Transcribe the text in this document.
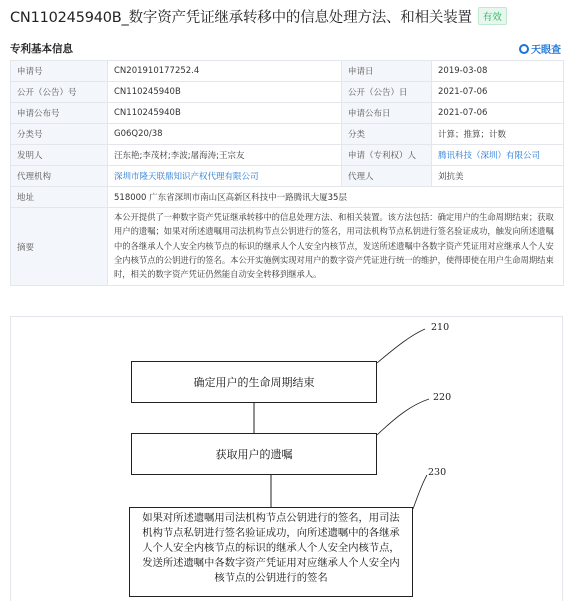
CN110245940B_数字资产凭证继承转移中的信息处理方法、和相关装置 有效
专利基本信息	天眼查
申请号	CN201910177252.4	申请日	2019-03-08
公开（公告）号	CN110245940B	公开（公告）日	2021-07-06
申请公布号	CN110245940B	申请公布日	2021-07-06
分类号	G06Q20/38	分类	计算；推算；计数
发明人	汪东艳;李茂材;李波;屠海涛;王宗友	申请（专利权）人	腾讯科技（深圳）有限公司
代理机构	深圳市隆天联鼎知识产权代理有限公司	代理人	刘抗美
地址	518000 广东省深圳市南山区高新区科技中一路腾讯大厦35层		
摘要	本公开提供了一种数字资产凭证继承转移中的信息处理方法、和相关装置。该方法包括：确定用户的生命周期结束；获取用户的遗嘱；如果对所述遗嘱用司法机构节点公钥进行的签名，用司法机构节点私钥进行签名验证成功，触发向所述遗嘱中的各继承人个人安全内核节点的标识的继承人个人安全内核节点，发送所述遗嘱中各数字资产凭证用对应继承人个人安全内核节点的公钥进行的签名。本公开实施例实现对用户的数字资产凭证进行统一的维护，使得即使在用户生命周期结束时，相关的数字资产凭证仍然能自动安全转移到继承人。		
210
220
230
确定用户的生命周期结束
获取用户的遗嘱
如果对所述遗嘱用司法机构节点公钥进行的签名，用司法机构节点私钥进行签名验证成功，向所述遗嘱中的各继承人个人安全内核节点的标识的继承人个人安全内核节点，发送所述遗嘱中各数字资产凭证用对应继承人个人安全内核节点的公钥进行的签名
